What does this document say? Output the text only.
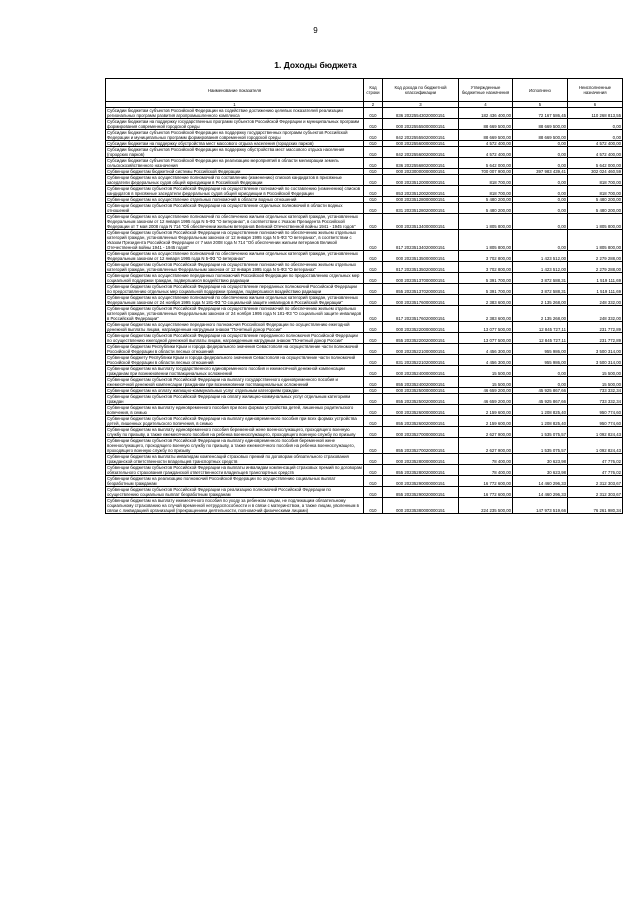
9
1. Доходы бюджета
Наименование показателя	Код строки	Код дохода по бюджетной классификации	Утвержденные бюджетные назначения	Исполнено	Неисполненные назначения
1	2	3	4	5	6
Субсидии бюджетам субъектов Российской Федерации на содействие достижению целевых показателей реализации региональных программ развития агропромышленного комплекса	010	836 20225543020000151	182 436 400,00	72 167 586,45	110 268 813,55
Субсидии бюджетам на поддержку государственных программ субъектов Российской Федерации и муниципальных программ формирования современной городской среды	010	000 20225555000000151	88 669 500,00	88 669 500,00	0,00
Субсидии бюджетам субъектов Российской Федерации на поддержку государственных программ субъектов Российской Федерации и муниципальных программ формирования современной городской среды	010	842 20225555020000151	88 669 500,00	88 669 500,00	0,00
Субсидии бюджетам на поддержку обустройства мест массового отдыха населения (городских парков)	010	000 20225560000000151	4 572 400,00	0,00	4 572 400,00
Субсидии бюджетам субъектов Российской Федерации на поддержку обустройства мест массового отдыха населения (городских парков)	010	842 20225560020000151	4 572 400,00	0,00	4 572 400,00
Субсидии бюджетам субъектов Российской Федерации на реализацию мероприятий в области мелиорации земель сельскохозяйственного назначения	010	836 20225568020000151	5 642 000,00	0,00	5 642 000,00
Субвенции бюджетам бюджетной системы Российской Федерации	010	000 20230000000000151	700 007 900,00	397 983 439,41	302 024 460,59
Субвенции бюджетам на осуществление полномочий по составлению (изменению) списков кандидатов в присяжные заседатели федеральных судов общей юрисдикции в Российской Федерации	010	000 20235120000000151	818 700,00	0,00	818 700,00
Субвенции бюджетам субъектов Российской Федерации на осуществление полномочий по составлению (изменению) списков кандидатов в присяжные заседатели федеральных судов общей юрисдикции в Российской Федерации	010	853 20235120020000151	818 700,00	0,00	818 700,00
Субвенции бюджетам на осуществление отдельных полномочий в области водных отношений	010	000 20235128000000151	5 480 200,00	0,00	5 480 200,00
Субвенции бюджетам субъектов Российской Федерации на осуществление отдельных полномочий в области водных отношений	010	831 20235128020000151	5 480 200,00	0,00	5 480 200,00
Субвенции бюджетам на осуществление полномочий по обеспечению жильем отдельных категорий граждан, установленных Федеральным законом от 12 января 1995 года N 5-ФЗ "О ветеранах", в соответствии с Указом Президента Российской Федерации от 7 мая 2008 года N 714 "Об обеспечении жильем ветеранов Великой Отечественной войны 1941 - 1945 годов"	010	000 20235134000000151	1 805 800,00	0,00	1 805 800,00
Субвенции бюджетам субъектов Российской Федерации на осуществление полномочий по обеспечению жильем отдельных категорий граждан, установленных Федеральным законом от 12 января 1995 года N 5-ФЗ "О ветеранах", в соответствии с Указом Президента Российской Федерации от 7 мая 2008 года N 714 "Об обеспечении жильем ветеранов Великой Отечественной войны 1941 - 1945 годов"	010	817 20235134020000151	1 805 800,00	0,00	1 805 800,00
Субвенции бюджетам на осуществление полномочий по обеспечению жильем отдельных категорий граждан, установленных Федеральным законом от 12 января 1995 года N 5-ФЗ "О ветеранах"	010	000 20235135000000151	3 702 800,00	1 423 512,00	2 279 288,00
Субвенции бюджетам субъектов Российской Федерации на осуществление полномочий по обеспечению жильем отдельных категорий граждан, установленных Федеральным законом от 12 января 1995 года N 5-ФЗ "О ветеранах"	010	817 20235135020000151	3 702 800,00	1 423 512,00	2 279 288,00
Субвенции бюджетам на осуществление переданных полномочий Российской Федерации по предоставлению отдельных мер социальной поддержки граждан, подвергшихся воздействию радиации	010	000 20235137000000151	5 391 700,00	3 872 588,31	1 519 111,69
Субвенции бюджетам субъектов Российской Федерации на осуществление переданных полномочий Российской Федерации по предоставлению отдельных мер социальной поддержки граждан, подвергшихся воздействию радиации	010	855 20235137020000151	5 391 700,00	3 872 588,31	1 519 111,69
Субвенции бюджетам на осуществление полномочий по обеспечению жильем отдельных категорий граждан, установленных Федеральным законом от 24 ноября 1995 года N 181-ФЗ "О социальной защите инвалидов в Российской Федерации"	010	000 20235176000000151	2 383 600,00	2 135 268,00	248 332,00
Субвенции бюджетам субъектов Российской Федерации на осуществление полномочий по обеспечению жильем отдельных категорий граждан, установленных Федеральным законом от 24 ноября 1995 года N 181-ФЗ "О социальной защите инвалидов в Российской Федерации"	010	817 20235176020000151	2 383 600,00	2 135 268,00	248 332,00
Субвенции бюджетам на осуществление переданного полномочия Российской Федерации по осуществлению ежегодной денежной выплаты лицам, награжденным нагрудным знаком "Почетный донор России"	010	000 20235220000000151	13 077 500,00	12 845 727,11	231 772,89
Субвенции бюджетам субъектов Российской Федерации на осуществление переданного полномочия Российской Федерации по осуществлению ежегодной денежной выплаты лицам, награжденным нагрудным знаком "Почетный донор России"	010	855 20235220020000151	13 077 500,00	12 845 727,11	231 772,89
Субвенции бюджетам Республики Крым и города федерального значения Севастополя на осуществление части полномочий Российской Федерации в области лесных отношений	010	000 20235221000000151	4 456 300,00	955 986,00	3 500 314,00
Субвенции бюджету Республики Крым и города федерального значения Севастополя на осуществление части полномочий Российской Федерации в области лесных отношений	010	831 20235221020000151	4 456 300,00	955 986,00	3 500 314,00
Субвенции бюджетам на выплату государственного единовременного пособия и ежемесячной денежной компенсации гражданам при возникновении поствакцинальных осложнений	010	000 20235240000000151	15 500,00	0,00	15 500,00
Субвенции бюджетам субъектов Российской Федерации на выплату государственного единовременного пособия и ежемесячной денежной компенсации гражданам при возникновении поствакцинальных осложнений	010	855 20235240020000151	15 500,00	0,00	15 500,00
Субвенции бюджетам на оплату жилищно-коммунальных услуг отдельным категориям граждан	010	000 20235250000000151	46 659 200,00	45 925 867,66	733 332,34
Субвенции бюджетам субъектов Российской Федерации на оплату жилищно-коммунальных услуг отдельным категориям граждан	010	855 20235250020000151	46 659 200,00	45 925 867,66	733 332,34
Субвенции бюджетам на выплату единовременного пособия при всех формах устройства детей, лишенных родительского попечения, в семью	010	000 20235260000000151	2 159 600,00	1 208 825,40	950 774,60
Субвенции бюджетам субъектов Российской Федерации на выплату единовременного пособия при всех формах устройства детей, лишенных родительского попечения, в семью	010	855 20235260020000151	2 159 600,00	1 208 825,40	950 774,60
Субвенции бюджетам на выплату единовременного пособия беременной жене военнослужащего, проходящего военную службу по призыву, а также ежемесячного пособия на ребенка военнослужащего, проходящего военную службу по призыву	010	000 20235270000000151	2 627 900,00	1 535 075,57	1 092 824,43
Субвенции бюджетам субъектов Российской Федерации на выплату единовременного пособия беременной жене военнослужащего, проходящего военную службу по призыву, а также ежемесячного пособия на ребенка военнослужащего, проходящего военную службу по призыву	010	855 20235270020000151	2 627 900,00	1 535 075,57	1 092 824,43
Субвенции бюджетам на выплаты инвалидам компенсаций страховых премий по договорам обязательного страхования гражданской ответственности владельцев транспортных средств	010	000 20235280000000151	78 400,00	30 623,98	47 776,02
Субвенции бюджетам субъектов Российской Федерации на выплаты инвалидам компенсаций страховых премий по договорам обязательного страхования гражданской ответственности владельцев транспортных средств	010	855 20235280020000151	78 400,00	30 623,98	47 776,02
Субвенции бюджетам на реализацию полномочий Российской Федерации по осуществлению социальных выплат безработным гражданам	010	000 20235290000000151	16 772 600,00	14 460 296,33	2 312 303,67
Субвенции бюджетам субъектов Российской Федерации на реализацию полномочий Российской Федерации по осуществлению социальных выплат безработным гражданам	010	855 20235290020000151	16 772 600,00	14 460 296,33	2 312 303,67
Субвенции бюджетам на выплату ежемесячного пособия по уходу за ребенком лицам, не подлежащим обязательному социальному страхованию на случай временной нетрудоспособности и в связи с материнством, а также лицам, уволенным в связи с ликвидацией организаций (прекращением деятельности, полномочий физическими лицами)	010	000 20235380000000151	224 235 500,00	147 973 519,66	76 261 980,34
